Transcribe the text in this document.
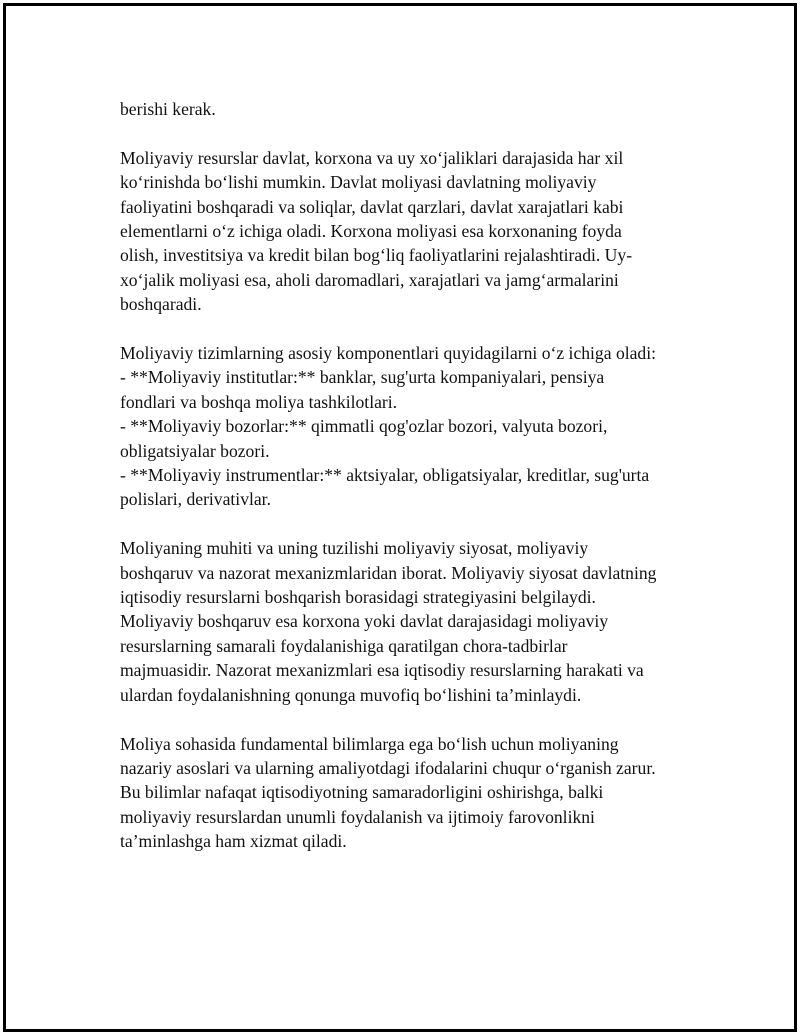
berishi kerak.

Moliyaviy resurslar davlat, korxona va uy xoʻjaliklari darajasida har xil
koʻrinishda boʻlishi mumkin. Davlat moliyasi davlatning moliyaviy
faoliyatini boshqaradi va soliqlar, davlat qarzlari, davlat xarajatlari kabi
elementlarni oʻz ichiga oladi. Korxona moliyasi esa korxonaning foyda
olish, investitsiya va kredit bilan bogʻliq faoliyatlarini rejalashtiradi. Uy-
xoʻjalik moliyasi esa, aholi daromadlari, xarajatlari va jamgʻarmalarini
boshqaradi.

Moliyaviy tizimlarning asosiy komponentlari quyidagilarni oʻz ichiga oladi:
- **Moliyaviy institutlar:** banklar, sug'urta kompaniyalari, pensiya
fondlari va boshqa moliya tashkilotlari.
- **Moliyaviy bozorlar:** qimmatli qog'ozlar bozori, valyuta bozori,
obligatsiyalar bozori.
- **Moliyaviy instrumentlar:** aktsiyalar, obligatsiyalar, kreditlar, sug'urta
polislari, derivativlar.

Moliyaning muhiti va uning tuzilishi moliyaviy siyosat, moliyaviy
boshqaruv va nazorat mexanizmlaridan iborat. Moliyaviy siyosat davlatning
iqtisodiy resurslarni boshqarish borasidagi strategiyasini belgilaydi.
Moliyaviy boshqaruv esa korxona yoki davlat darajasidagi moliyaviy
resurslarning samarali foydalanishiga qaratilgan chora-tadbirlar
majmuasidir. Nazorat mexanizmlari esa iqtisodiy resurslarning harakati va
ulardan foydalanishning qonunga muvofiq boʻlishini ta’minlaydi.

Moliya sohasida fundamental bilimlarga ega boʻlish uchun moliyaning
nazariy asoslari va ularning amaliyotdagi ifodalarini chuqur oʻrganish zarur.
Bu bilimlar nafaqat iqtisodiyotning samaradorligini oshirishga, balki
moliyaviy resurslardan unumli foydalanish va ijtimoiy farovonlikni
ta’minlashga ham xizmat qiladi.
